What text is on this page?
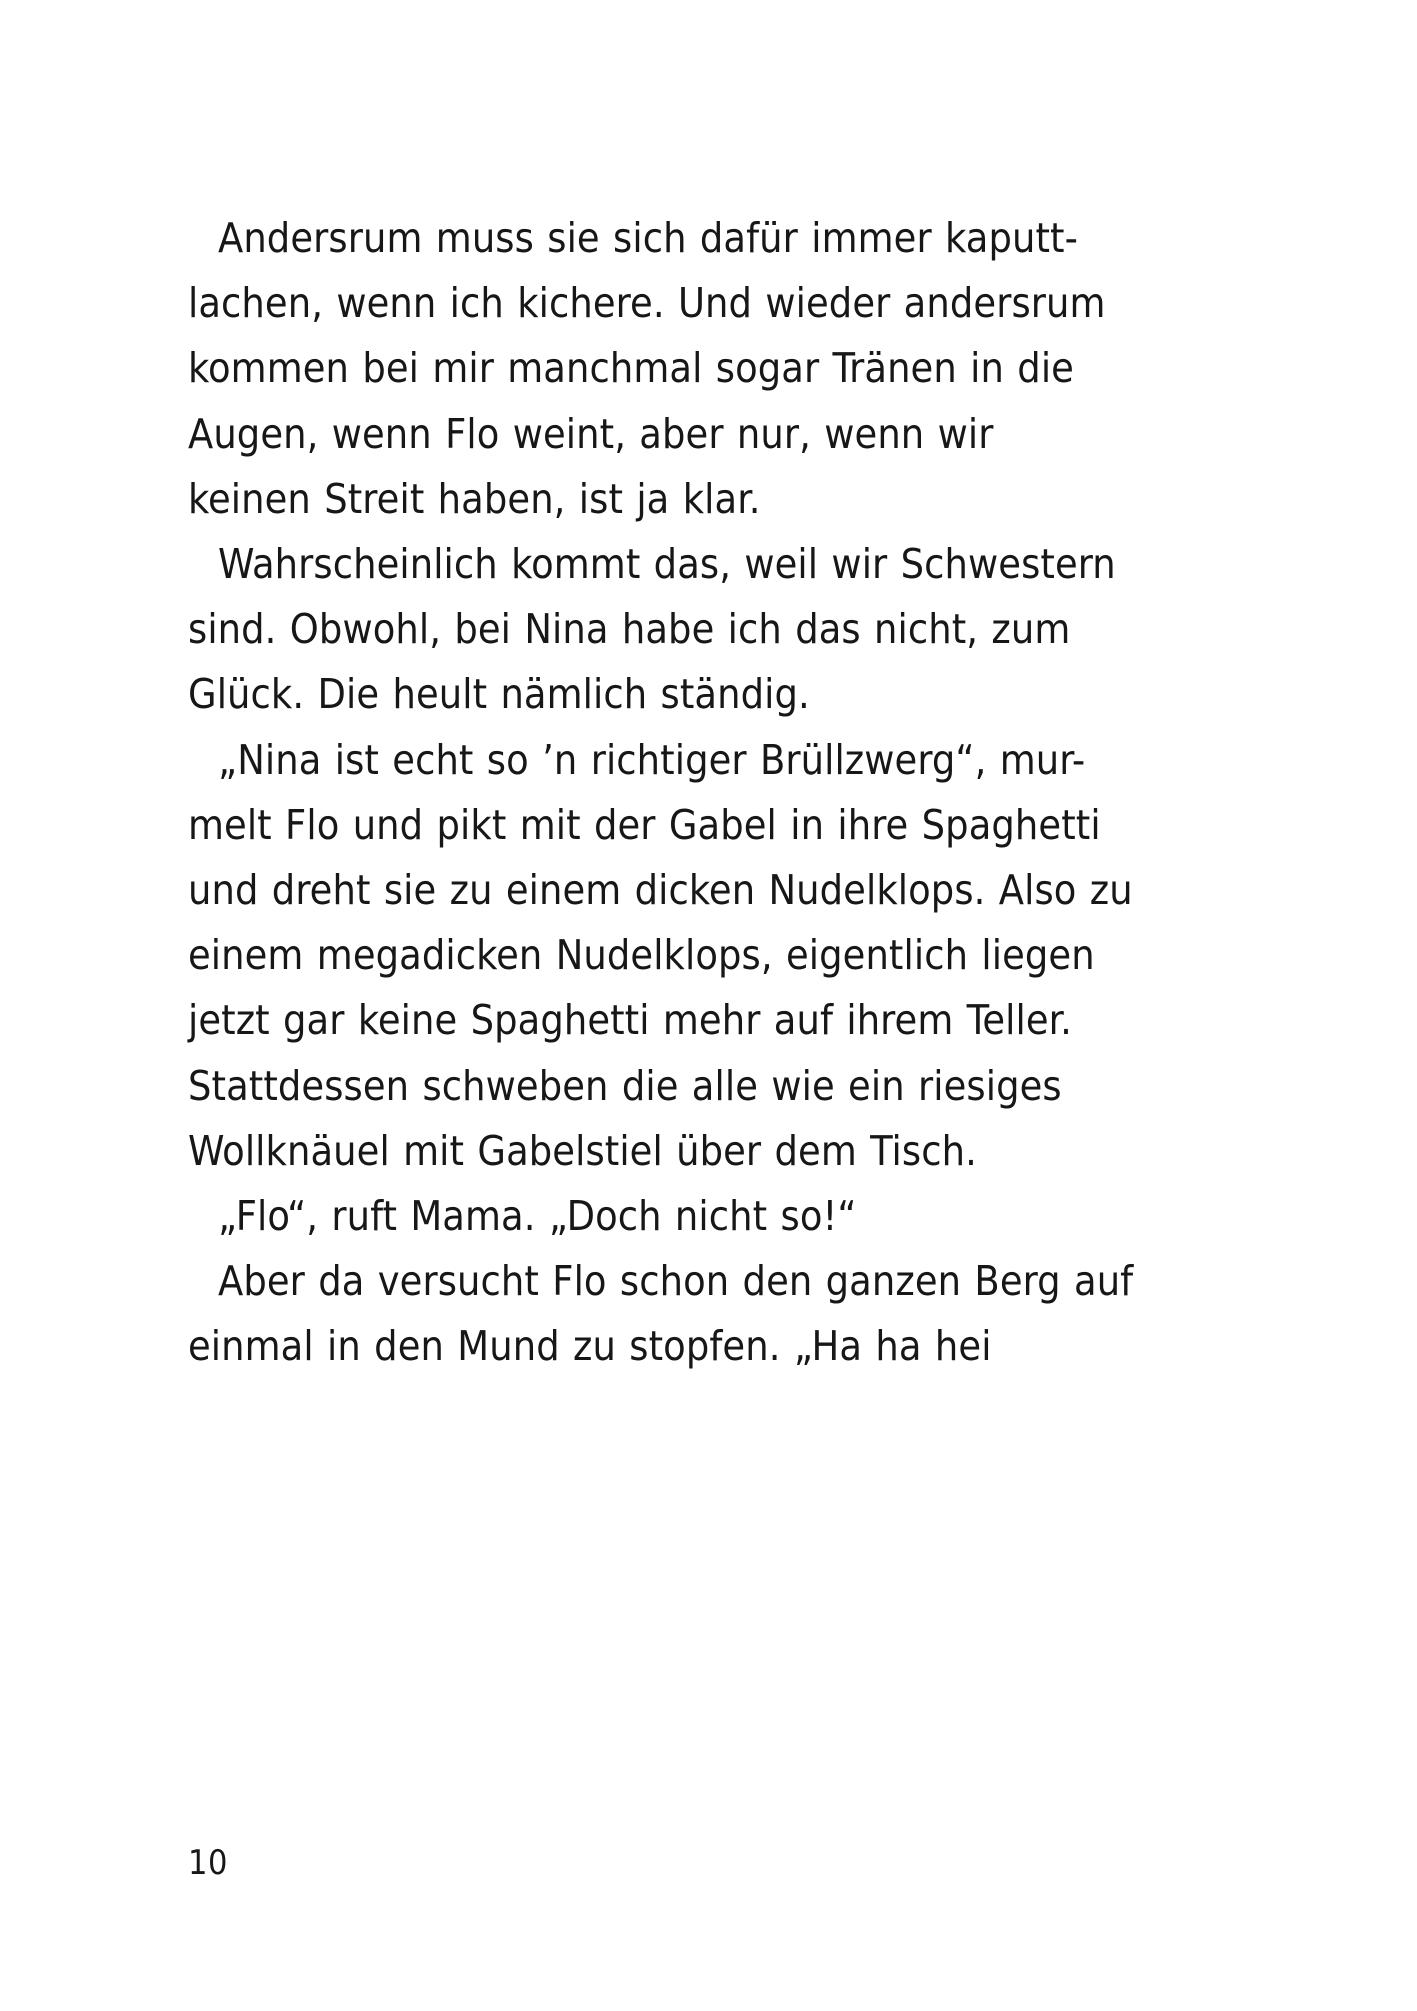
Andersrum muss sie sich dafür immer kaputt-
lachen, wenn ich kichere. Und wieder andersrum
kommen bei mir manchmal sogar Tränen in die
Augen, wenn Flo weint, aber nur, wenn wir
keinen Streit haben, ist ja klar.

Wahrscheinlich kommt das, weil wir Schwestern
sind. Obwohl, bei Nina habe ich das nicht, zum
Glück. Die heult nämlich ständig.

„Nina ist echt so ’n richtiger Brüllzwerg“, mur-
melt Flo und pikt mit der Gabel in ihre Spaghetti
und dreht sie zu einem dicken Nudelklops. Also zu
einem megadicken Nudelklops, eigentlich liegen
jetzt gar keine Spaghetti mehr auf ihrem Teller.
Stattdessen schweben die alle wie ein riesiges
Wollknäuel mit Gabelstiel über dem Tisch.

„Flo“, ruft Mama. „Doch nicht so!“

Aber da versucht Flo schon den ganzen Berg auf
einmal in den Mund zu stopfen. „Ha ha hei

10
